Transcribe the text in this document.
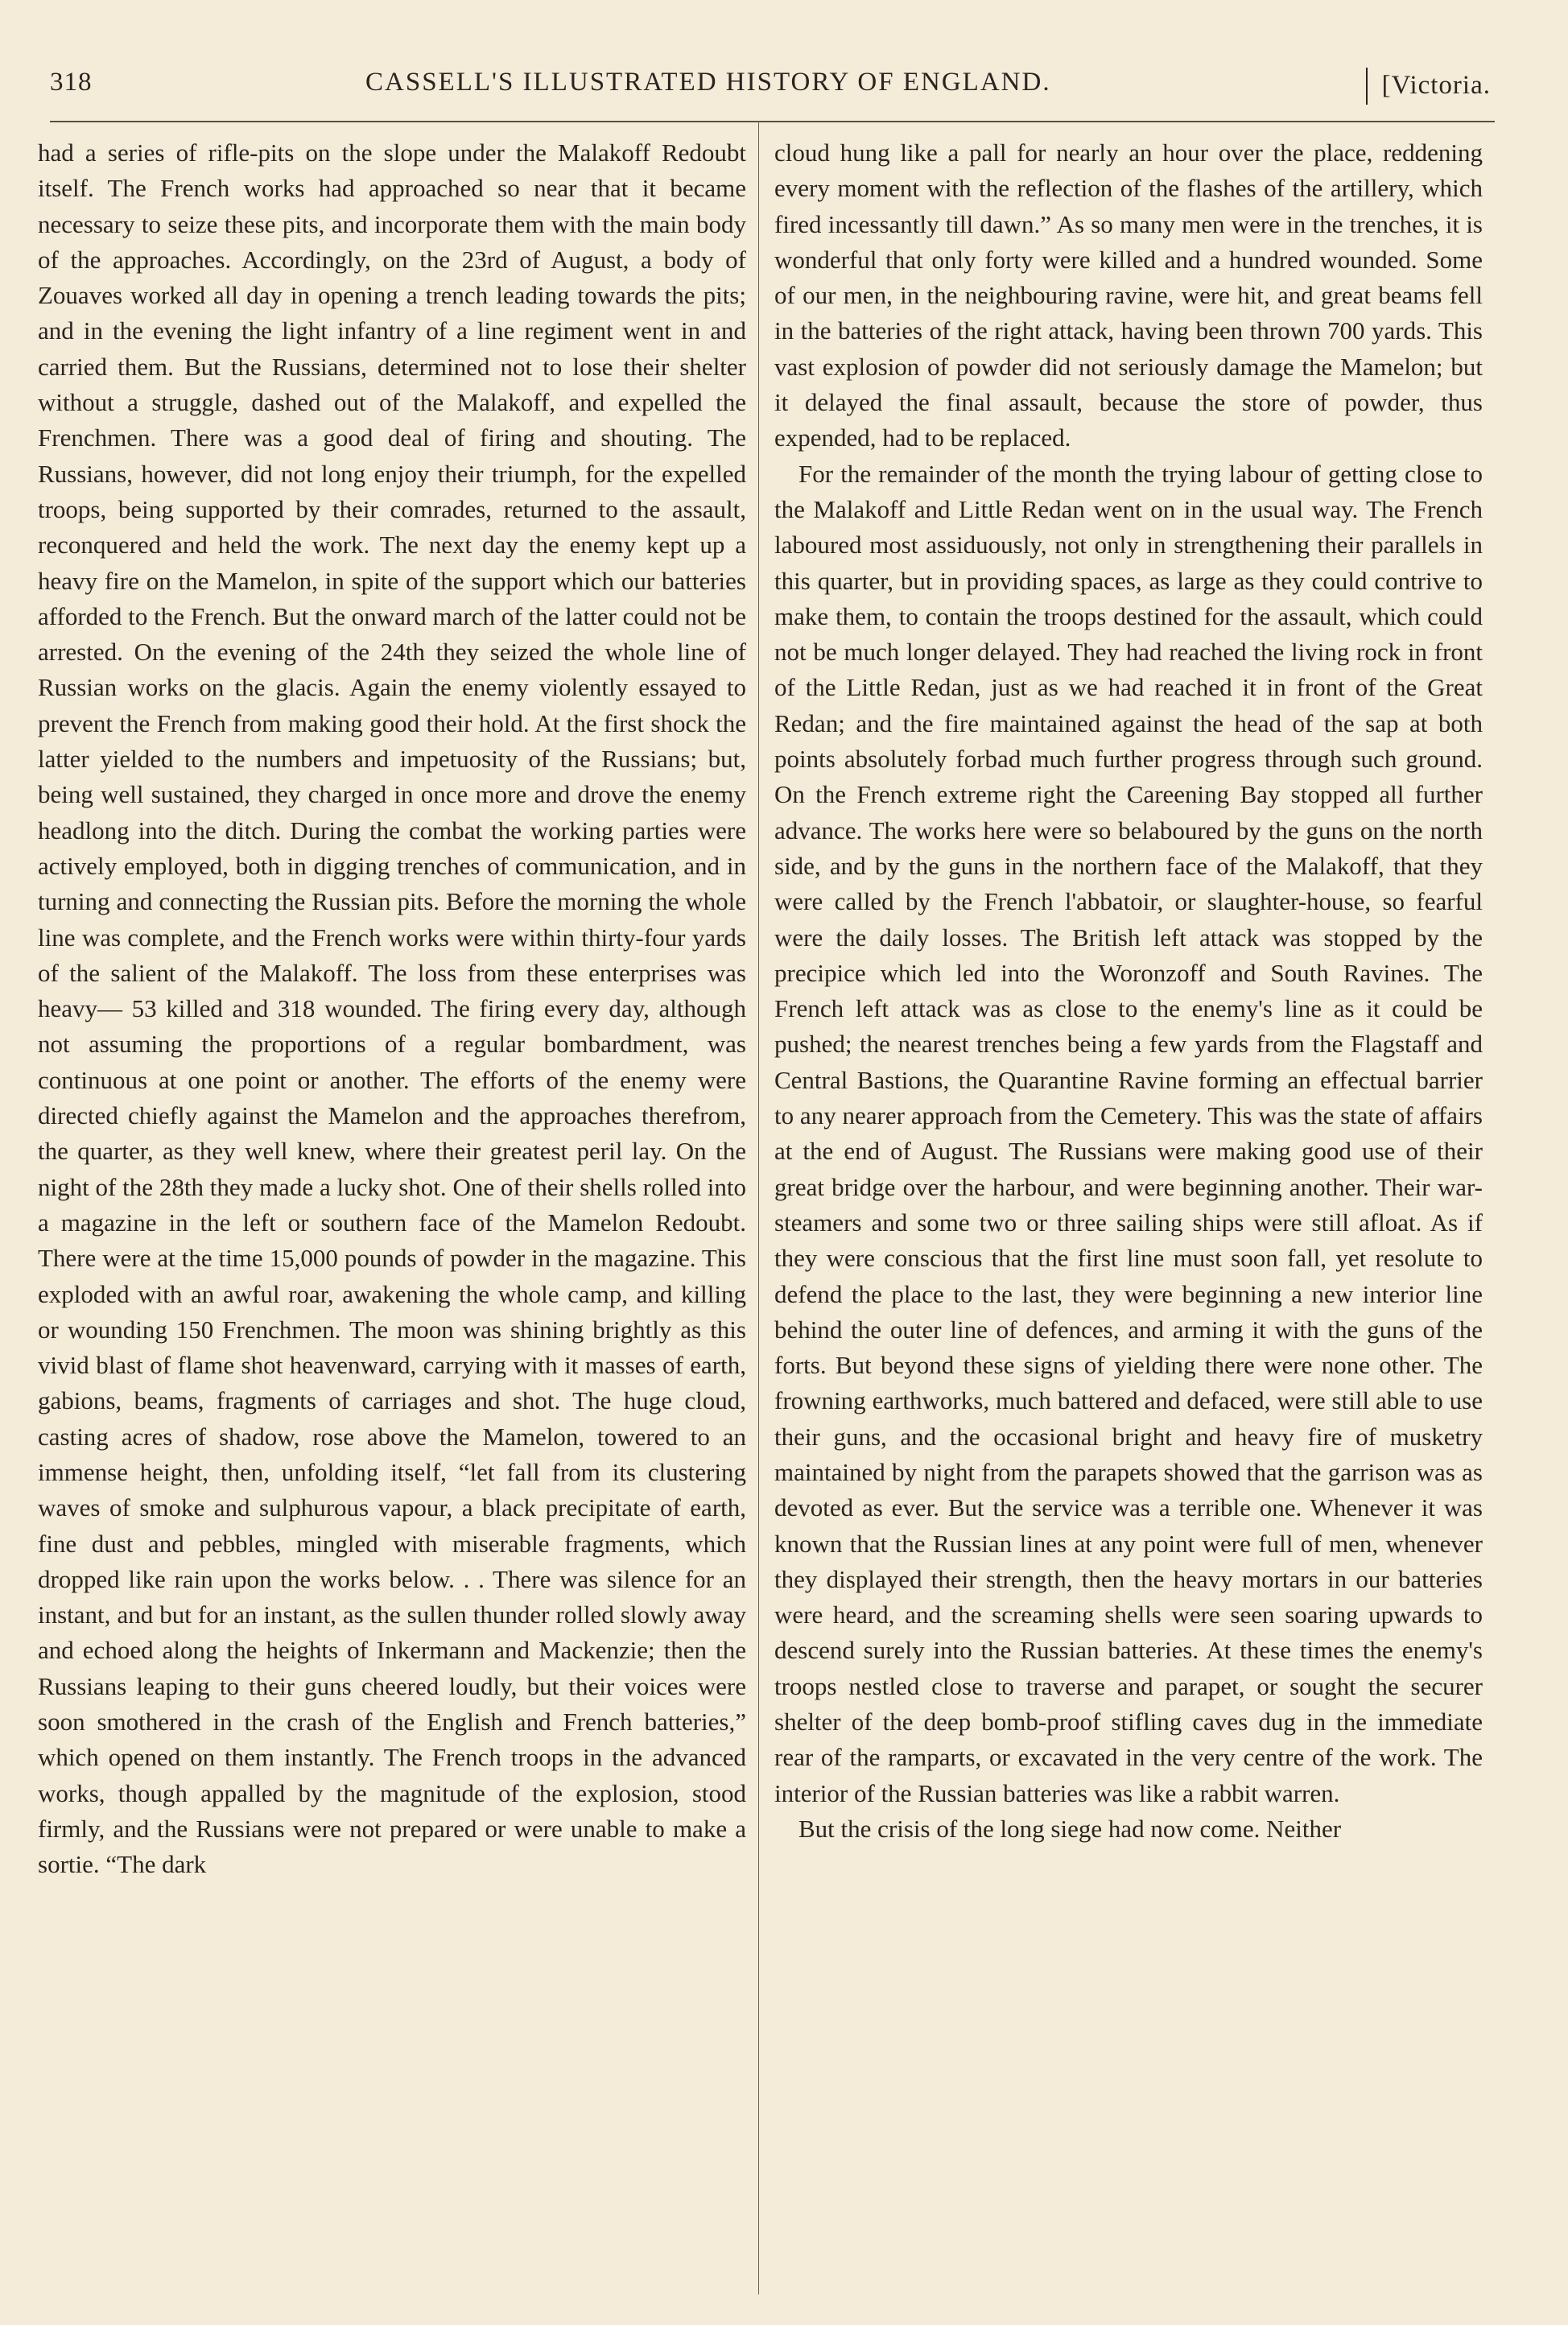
318	CASSELL'S ILLUSTRATED HISTORY OF ENGLAND.	[Victoria.

had a series of rifle-pits on the slope under the Malakoff Redoubt itself. The French works had approached so near that it became necessary to seize these pits, and incorporate them with the main body of the approaches. Accordingly, on the 23rd of August, a body of Zouaves worked all day in opening a trench leading towards the pits; and in the evening the light infantry of a line regiment went in and carried them. But the Russians, determined not to lose their shelter without a struggle, dashed out of the Malakoff, and expelled the Frenchmen. There was a good deal of firing and shouting. The Russians, however, did not long enjoy their triumph, for the expelled troops, being supported by their comrades, returned to the assault, reconquered and held the work. The next day the enemy kept up a heavy fire on the Mamelon, in spite of the support which our batteries afforded to the French. But the onward march of the latter could not be arrested. On the evening of the 24th they seized the whole line of Russian works on the glacis. Again the enemy violently essayed to prevent the French from making good their hold. At the first shock the latter yielded to the numbers and impetuosity of the Russians; but, being well sustained, they charged in once more and drove the enemy headlong into the ditch. During the combat the working parties were actively employed, both in digging trenches of communication, and in turning and connecting the Russian pits. Before the morning the whole line was complete, and the French works were within thirty-four yards of the salient of the Malakoff. The loss from these enterprises was heavy— 53 killed and 318 wounded. The firing every day, although not assuming the proportions of a regular bombardment, was continuous at one point or another. The efforts of the enemy were directed chiefly against the Mamelon and the approaches therefrom, the quarter, as they well knew, where their greatest peril lay. On the night of the 28th they made a lucky shot. One of their shells rolled into a magazine in the left or southern face of the Mamelon Redoubt. There were at the time 15,000 pounds of powder in the magazine. This exploded with an awful roar, awakening the whole camp, and killing or wounding 150 Frenchmen. The moon was shining brightly as this vivid blast of flame shot heavenward, carrying with it masses of earth, gabions, beams, fragments of carriages and shot. The huge cloud, casting acres of shadow, rose above the Mamelon, towered to an immense height, then, unfolding itself, “let fall from its clustering waves of smoke and sulphurous vapour, a black precipitate of earth, fine dust and pebbles, mingled with miserable fragments, which dropped like rain upon the works below. . . There was silence for an instant, and but for an instant, as the sullen thunder rolled slowly away and echoed along the heights of Inkermann and Mackenzie; then the Russians leaping to their guns cheered loudly, but their voices were soon smothered in the crash of the English and French batteries,” which opened on them instantly. The French troops in the advanced works, though appalled by the magnitude of the explosion, stood firmly, and the Russians were not prepared or were unable to make a sortie. “The dark

cloud hung like a pall for nearly an hour over the place, reddening every moment with the reflection of the flashes of the artillery, which fired incessantly till dawn.” As so many men were in the trenches, it is wonderful that only forty were killed and a hundred wounded. Some of our men, in the neighbouring ravine, were hit, and great beams fell in the batteries of the right attack, having been thrown 700 yards. This vast explosion of powder did not seriously damage the Mamelon; but it delayed the final assault, because the store of powder, thus expended, had to be replaced.

For the remainder of the month the trying labour of getting close to the Malakoff and Little Redan went on in the usual way. The French laboured most assiduously, not only in strengthening their parallels in this quarter, but in providing spaces, as large as they could contrive to make them, to contain the troops destined for the assault, which could not be much longer delayed. They had reached the living rock in front of the Little Redan, just as we had reached it in front of the Great Redan; and the fire maintained against the head of the sap at both points absolutely forbad much further progress through such ground. On the French extreme right the Careening Bay stopped all further advance. The works here were so belaboured by the guns on the north side, and by the guns in the northern face of the Malakoff, that they were called by the French l'abbatoir, or slaughter-house, so fearful were the daily losses. The British left attack was stopped by the precipice which led into the Woronzoff and South Ravines. The French left attack was as close to the enemy's line as it could be pushed; the nearest trenches being a few yards from the Flagstaff and Central Bastions, the Quarantine Ravine forming an effectual barrier to any nearer approach from the Cemetery. This was the state of affairs at the end of August. The Russians were making good use of their great bridge over the harbour, and were beginning another. Their war-steamers and some two or three sailing ships were still afloat. As if they were conscious that the first line must soon fall, yet resolute to defend the place to the last, they were beginning a new interior line behind the outer line of defences, and arming it with the guns of the forts. But beyond these signs of yielding there were none other. The frowning earthworks, much battered and defaced, were still able to use their guns, and the occasional bright and heavy fire of musketry maintained by night from the parapets showed that the garrison was as devoted as ever. But the service was a terrible one. Whenever it was known that the Russian lines at any point were full of men, whenever they displayed their strength, then the heavy mortars in our batteries were heard, and the screaming shells were seen soaring upwards to descend surely into the Russian batteries. At these times the enemy's troops nestled close to traverse and parapet, or sought the securer shelter of the deep bomb-proof stifling caves dug in the immediate rear of the ramparts, or excavated in the very centre of the work. The interior of the Russian batteries was like a rabbit warren.

But the crisis of the long siege had now come. Neither
